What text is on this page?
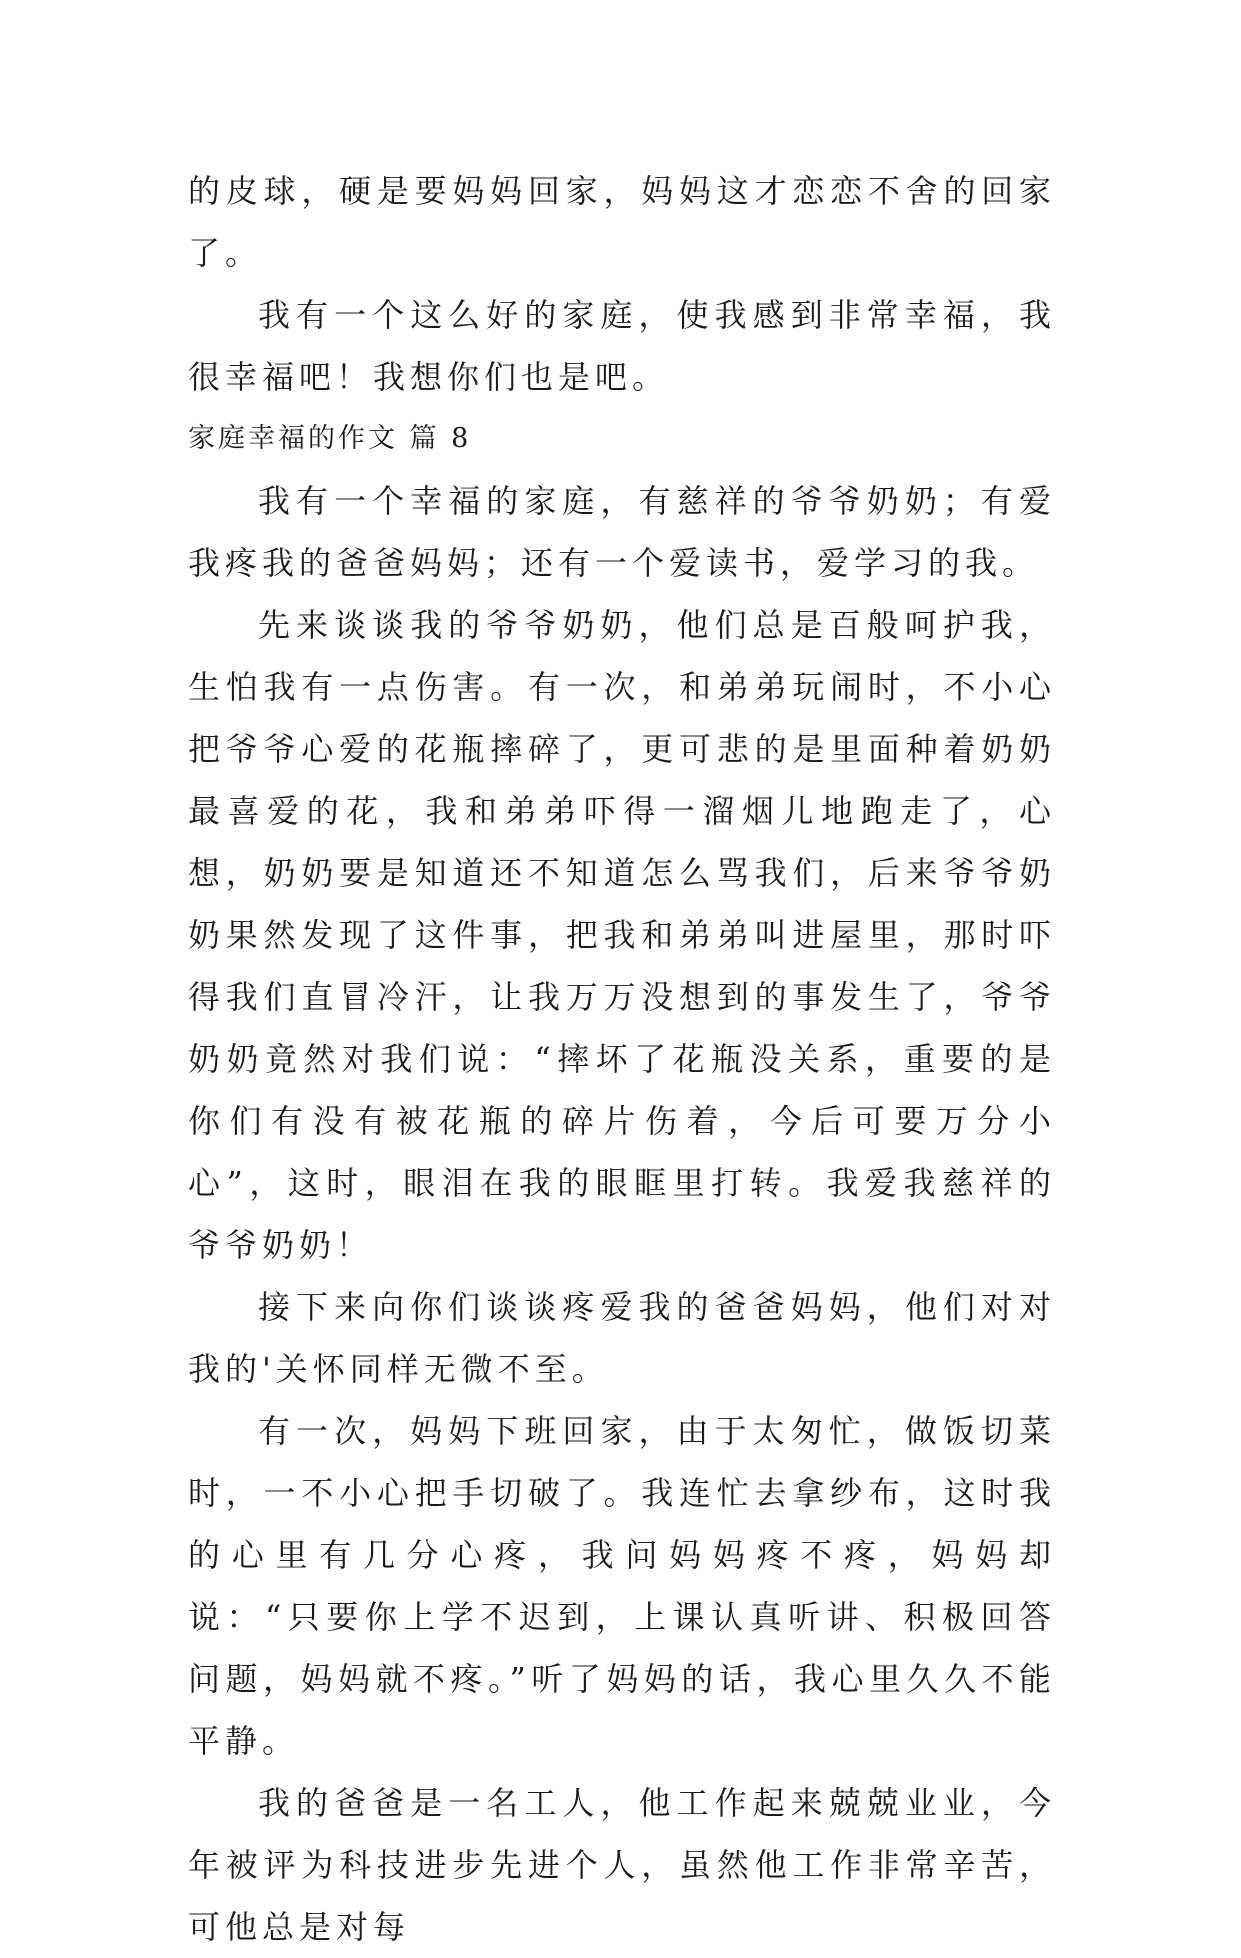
的皮球，硬是要妈妈回家，妈妈这才恋恋不舍的回家了。

我有一个这么好的家庭，使我感到非常幸福，我很幸福吧！我想你们也是吧。

家庭幸福的作文 篇 8

我有一个幸福的家庭，有慈祥的爷爷奶奶；有爱我疼我的爸爸妈妈；还有一个爱读书，爱学习的我。

先来谈谈我的爷爷奶奶，他们总是百般呵护我，生怕我有一点伤害。有一次，和弟弟玩闹时，不小心把爷爷心爱的花瓶摔碎了，更可悲的是里面种着奶奶最喜爱的花，我和弟弟吓得一溜烟儿地跑走了，心想，奶奶要是知道还不知道怎么骂我们，后来爷爷奶奶果然发现了这件事，把我和弟弟叫进屋里，那时吓得我们直冒冷汗，让我万万没想到的事发生了，爷爷奶奶竟然对我们说：“摔坏了花瓶没关系，重要的是你们有没有被花瓶的碎片伤着，今后可要万分小心”，这时，眼泪在我的眼眶里打转。我爱我慈祥的爷爷奶奶！

接下来向你们谈谈疼爱我的爸爸妈妈，他们对对我的'关怀同样无微不至。

有一次，妈妈下班回家，由于太匆忙，做饭切菜时，一不小心把手切破了。我连忙去拿纱布，这时我的心里有几分心疼，我问妈妈疼不疼，妈妈却说：“只要你上学不迟到，上课认真听讲、积极回答问题，妈妈就不疼。”听了妈妈的话，我心里久久不能平静。

我的爸爸是一名工人，他工作起来兢兢业业，今年被评为科技进步先进个人，虽然他工作非常辛苦，可他总是对每
